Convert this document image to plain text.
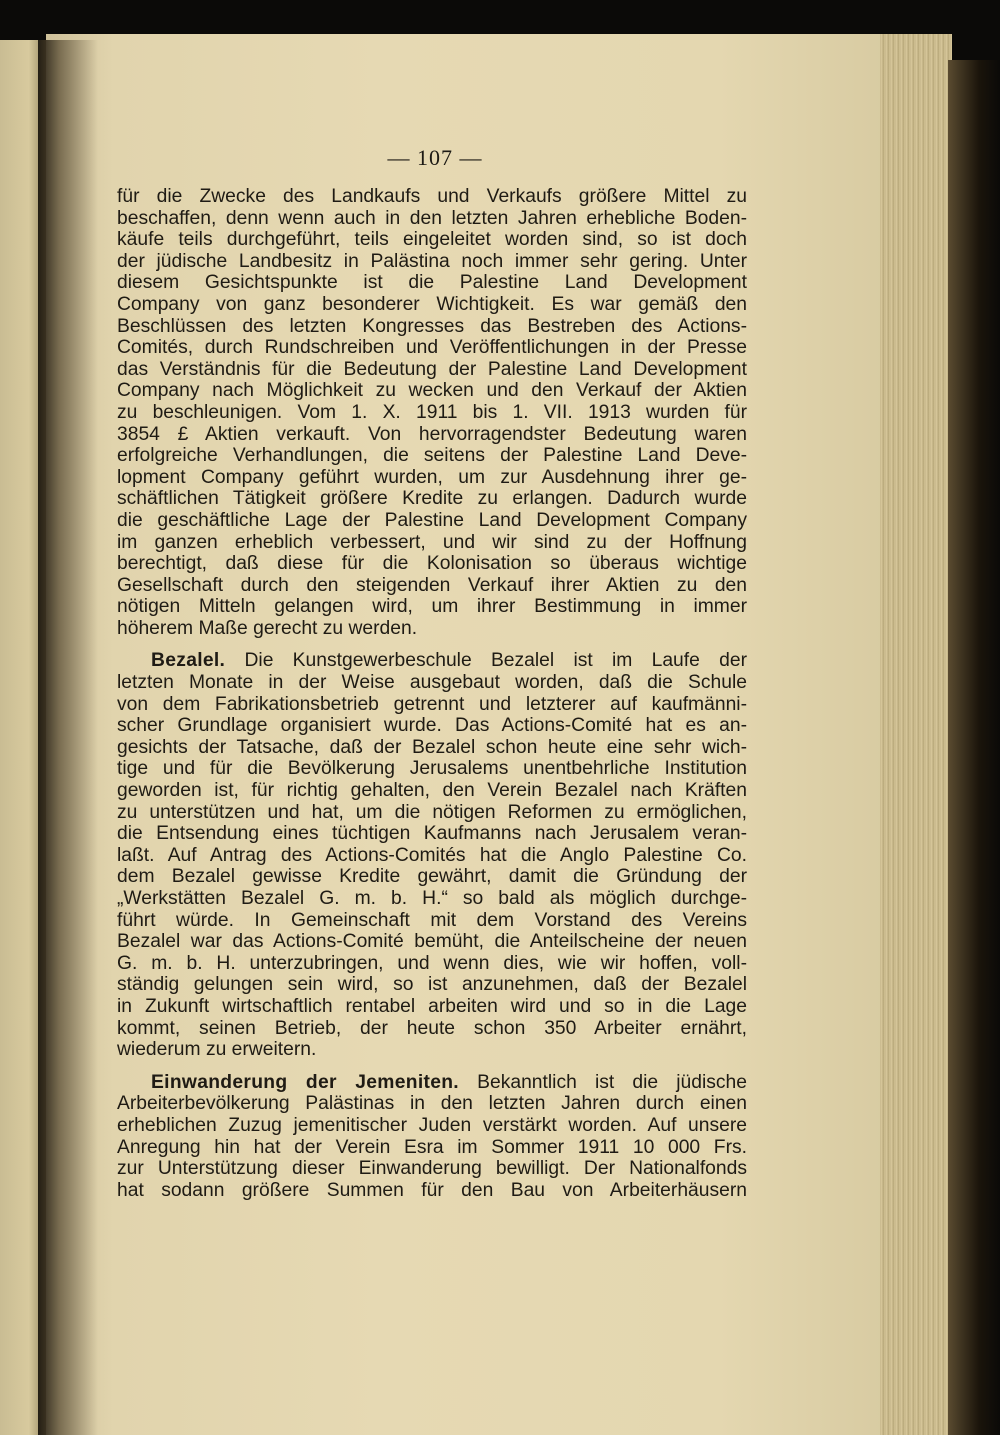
— 107 —

für die Zwecke des Landkaufs und Verkaufs größere Mittel zu
beschaffen, denn wenn auch in den letzten Jahren erhebliche Boden-
käufe teils durchgeführt, teils eingeleitet worden sind, so ist doch
der jüdische Landbesitz in Palästina noch immer sehr gering. Unter
diesem Gesichtspunkte ist die Palestine Land Development
Company von ganz besonderer Wichtigkeit. Es war gemäß den
Beschlüssen des letzten Kongresses das Bestreben des Actions-
Comités, durch Rundschreiben und Veröffentlichungen in der Presse
das Verständnis für die Bedeutung der Palestine Land Development
Company nach Möglichkeit zu wecken und den Verkauf der Aktien
zu beschleunigen. Vom 1. X. 1911 bis 1. VII. 1913 wurden für
3854 £ Aktien verkauft. Von hervorragendster Bedeutung waren
erfolgreiche Verhandlungen, die seitens der Palestine Land Deve-
lopment Company geführt wurden, um zur Ausdehnung ihrer ge-
schäftlichen Tätigkeit größere Kredite zu erlangen. Dadurch wurde
die geschäftliche Lage der Palestine Land Development Company
im ganzen erheblich verbessert, und wir sind zu der Hoffnung
berechtigt, daß diese für die Kolonisation so überaus wichtige
Gesellschaft durch den steigenden Verkauf ihrer Aktien zu den
nötigen Mitteln gelangen wird, um ihrer Bestimmung in immer
höherem Maße gerecht zu werden.

Bezalel. Die Kunstgewerbeschule Bezalel ist im Laufe der
letzten Monate in der Weise ausgebaut worden, daß die Schule
von dem Fabrikationsbetrieb getrennt und letzterer auf kaufmänni-
scher Grundlage organisiert wurde. Das Actions-Comité hat es an-
gesichts der Tatsache, daß der Bezalel schon heute eine sehr wich-
tige und für die Bevölkerung Jerusalems unentbehrliche Institution
geworden ist, für richtig gehalten, den Verein Bezalel nach Kräften
zu unterstützen und hat, um die nötigen Reformen zu ermöglichen,
die Entsendung eines tüchtigen Kaufmanns nach Jerusalem veran-
laßt. Auf Antrag des Actions-Comités hat die Anglo Palestine Co.
dem Bezalel gewisse Kredite gewährt, damit die Gründung der
„Werkstätten Bezalel G. m. b. H.“ so bald als möglich durchge-
führt würde. In Gemeinschaft mit dem Vorstand des Vereins
Bezalel war das Actions-Comité bemüht, die Anteilscheine der neuen
G. m. b. H. unterzubringen, und wenn dies, wie wir hoffen, voll-
ständig gelungen sein wird, so ist anzunehmen, daß der Bezalel
in Zukunft wirtschaftlich rentabel arbeiten wird und so in die Lage
kommt, seinen Betrieb, der heute schon 350 Arbeiter ernährt,
wiederum zu erweitern.

Einwanderung der Jemeniten. Bekanntlich ist die jüdische
Arbeiterbevölkerung Palästinas in den letzten Jahren durch einen
erheblichen Zuzug jemenitischer Juden verstärkt worden. Auf unsere
Anregung hin hat der Verein Esra im Sommer 1911 10 000 Frs.
zur Unterstützung dieser Einwanderung bewilligt. Der Nationalfonds
hat sodann größere Summen für den Bau von Arbeiterhäusern
